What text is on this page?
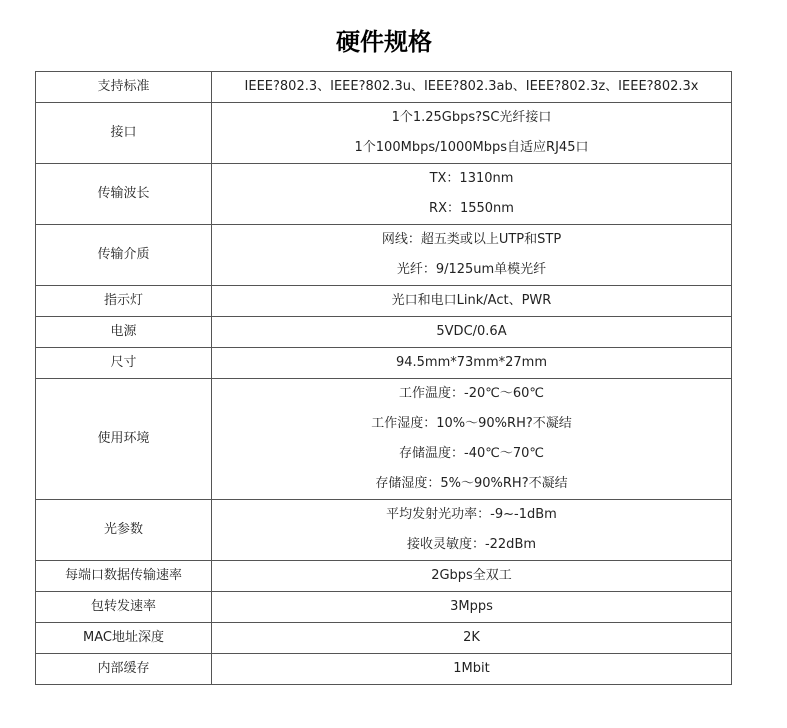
硬件规格
支持标准	IEEE?802.3、IEEE?802.3u、IEEE?802.3ab、IEEE?802.3z、IEEE?802.3x

接口	1个1.25Gbps?SC光纤接口
1个100Mbps/1000Mbps自适应RJ45口

传输波长	TX：1310nm
RX：1550nm

传输介质	网线：超五类或以上UTP和STP
光纤：9/125um单模光纤

指示灯	光口和电口Link/Act、PWR

电源	5VDC/0.6A

尺寸	94.5mm*73mm*27mm

使用环境	工作温度：-20℃～60℃
工作湿度：10%～90%RH?不凝结
存储温度：-40℃～70℃
存储湿度：5%～90%RH?不凝结

光参数	平均发射光功率：-9~-1dBm
接收灵敏度：-22dBm

每端口数据传输速率	2Gbps全双工

包转发速率	3Mpps

MAC地址深度	2K

内部缓存	1Mbit
